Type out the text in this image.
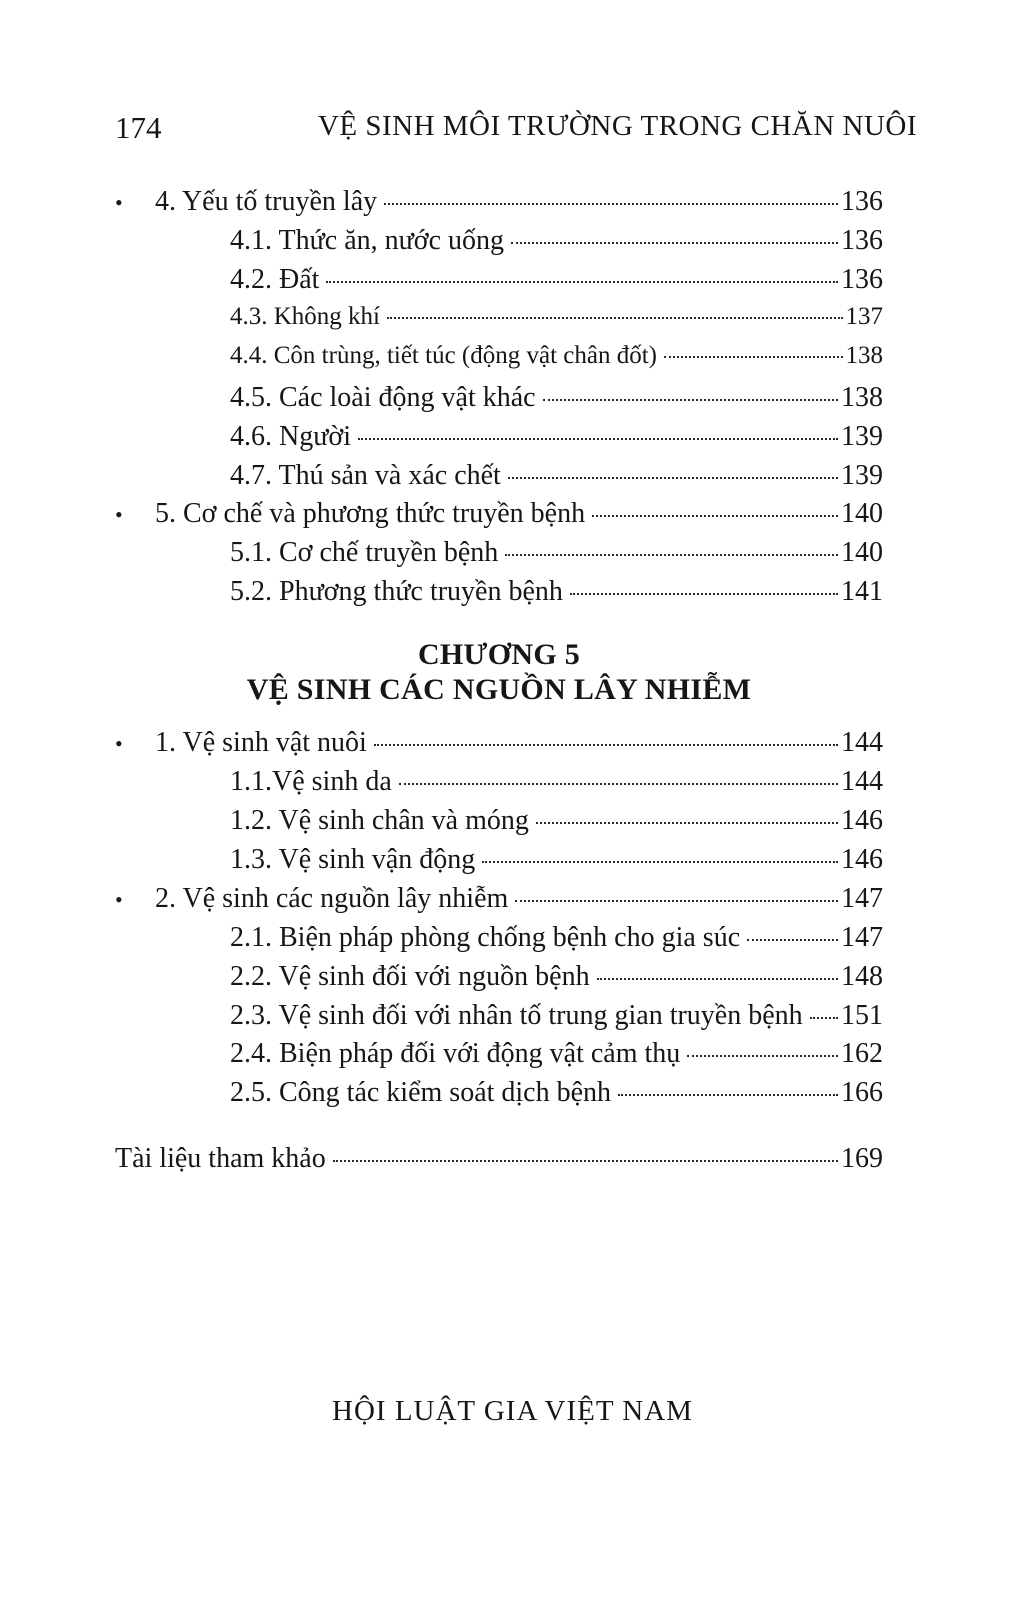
174	VỆ SINH MÔI TRƯỜNG TRONG CHĂN NUÔI
•	4. Yếu tố truyền lây	136
4.1. Thức ăn, nước uống	136
4.2. Đất	136
4.3. Không khí	137
4.4. Côn trùng, tiết túc (động vật chân đốt)	138
4.5. Các loài động vật khác	138
4.6. Người	139
4.7. Thú sản và xác chết	139
•	5. Cơ chế và phương thức truyền bệnh	140
5.1. Cơ chế truyền bệnh	140
5.2. Phương thức truyền bệnh	141
CHƯƠNG 5
VỆ SINH CÁC NGUỒN LÂY NHIỄM
•	1. Vệ sinh vật nuôi	144
1.1.Vệ sinh da	144
1.2. Vệ sinh chân và móng	146
1.3. Vệ sinh vận động	146
•	2. Vệ sinh các nguồn lây nhiễm	147
2.1. Biện pháp phòng chống bệnh cho gia súc	147
2.2. Vệ sinh đối với nguồn bệnh	148
2.3. Vệ sinh đối với nhân tố trung gian truyền bệnh 151
2.4. Biện pháp đối với động vật cảm thụ	162
2.5. Công tác kiểm soát dịch bệnh	166
Tài liệu tham khảo	169
HỘI LUẬT GIA VIỆT NAM
